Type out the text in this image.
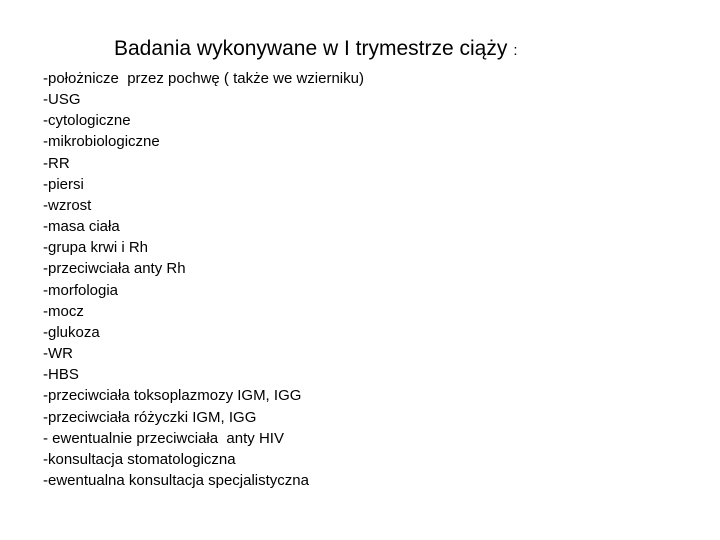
Badania wykonywane w I trymestrze ciąży :
-położnicze  przez pochwę ( także we wzierniku)
-USG
-cytologiczne
-mikrobiologiczne
-RR
-piersi
-wzrost
-masa ciała
-grupa krwi i Rh
-przeciwciała anty Rh
-morfologia
-mocz
-glukoza
-WR
-HBS
-przeciwciała toksoplazmozy IGM, IGG
-przeciwciała różyczki IGM, IGG
- ewentualnie przeciwciała  anty HIV
-konsultacja stomatologiczna
-ewentualna konsultacja specjalistyczna
